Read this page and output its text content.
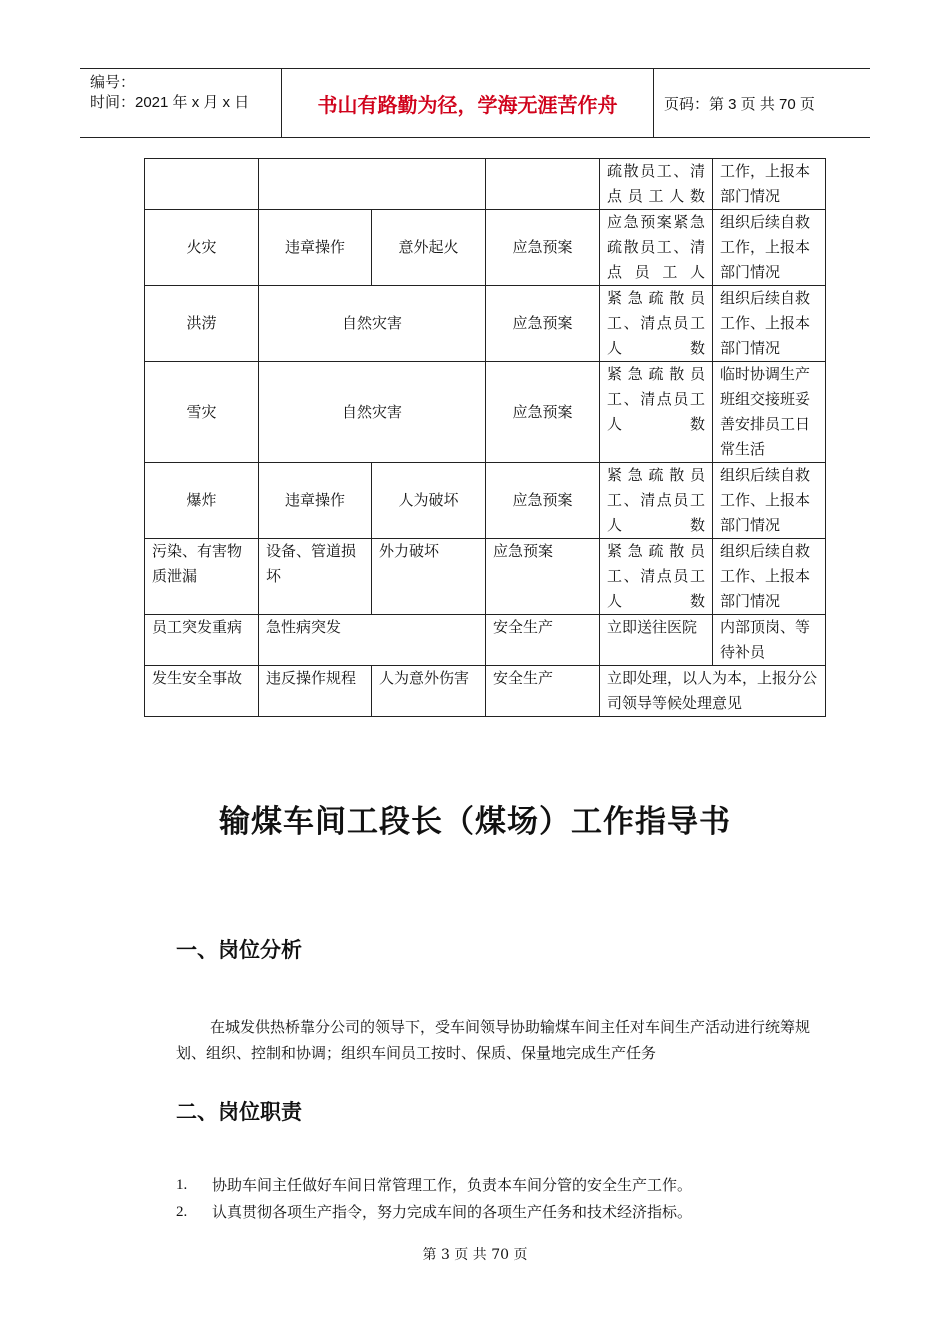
编号：
时间：2021 年 x 月 x 日	书山有路勤为径，学海无涯苦作舟	页码：第 3 页 共 70 页
				疏散员工、清点员工人数	工作，上报本部门情况
火灾	违章操作	意外起火	应急预案	应急预案紧急疏散员工、清点员工人	组织后续自救工作，上报本部门情况
洪涝	自然灾害		应急预案	紧急疏散员工、清点员工人数	组织后续自救工作、上报本部门情况
雪灾	自然灾害		应急预案	紧急疏散员工、清点员工人数	临时协调生产班组交接班妥善安排员工日常生活
爆炸	违章操作	人为破坏	应急预案	紧急疏散员工、清点员工人数	组织后续自救工作、上报本部门情况
污染、有害物质泄漏	设备、管道损坏	外力破坏	应急预案	紧急疏散员工、清点员工人数	组织后续自救工作、上报本部门情况
员工突发重病	急性病突发		安全生产	立即送往医院	内部顶岗、等待补员
发生安全事故	违反操作规程	人为意外伤害	安全生产	立即处理，以人为本，上报分公司领导等候处理意见	
输煤车间工段长（煤场）工作指导书
一、岗位分析
在城发供热桥靠分公司的领导下，受车间领导协助输煤车间主任对车间生产活动进行统筹规划、组织、控制和协调；组织车间员工按时、保质、保量地完成生产任务
二、岗位职责
1.	协助车间主任做好车间日常管理工作，负责本车间分管的安全生产工作。
2.	认真贯彻各项生产指令，努力完成车间的各项生产任务和技术经济指标。
第 3 页 共 70 页
